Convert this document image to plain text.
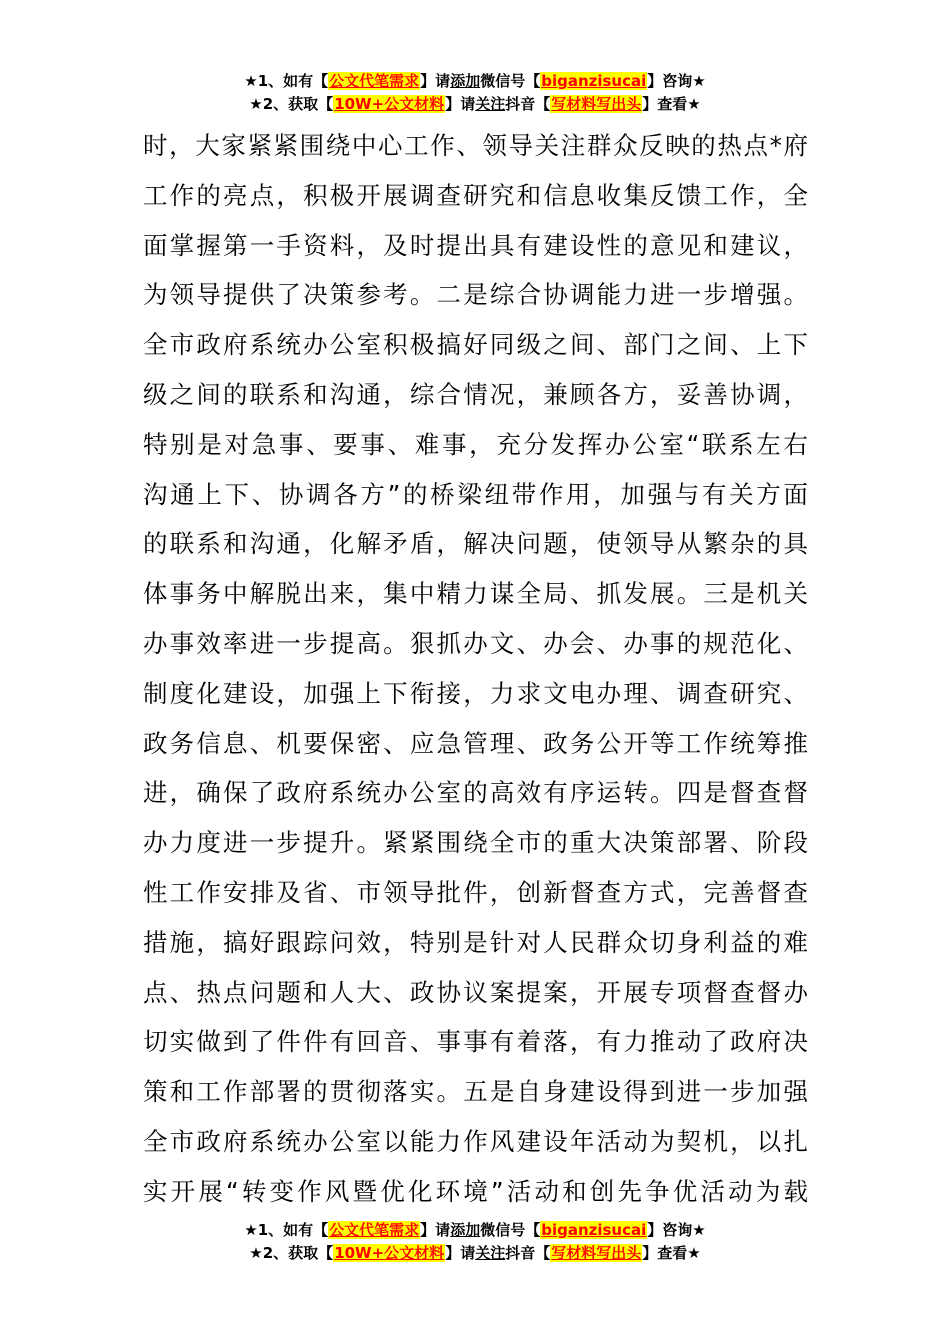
★1、如有【公文代笔需求】请添加微信号【biganzisucai】咨询★
★2、获取【10W+公文材料】请关注抖音【写材料写出头】查看★
时，大家紧紧围绕中心工作、领导关注群众反映的热点*府
工作的亮点，积极开展调查研究和信息收集反馈工作，全
面掌握第一手资料，及时提出具有建设性的意见和建议，
为领导提供了决策参考。二是综合协调能力进一步增强。
全市政府系统办公室积极搞好同级之间、部门之间、上下
级之间的联系和沟通，综合情况，兼顾各方，妥善协调，
特别是对急事、要事、难事，充分发挥办公室“联系左右
沟通上下、协调各方”的桥梁纽带作用，加强与有关方面
的联系和沟通，化解矛盾，解决问题，使领导从繁杂的具
体事务中解脱出来，集中精力谋全局、抓发展。三是机关
办事效率进一步提高。狠抓办文、办会、办事的规范化、
制度化建设，加强上下衔接，力求文电办理、调查研究、
政务信息、机要保密、应急管理、政务公开等工作统筹推
进，确保了政府系统办公室的高效有序运转。四是督查督
办力度进一步提升。紧紧围绕全市的重大决策部署、阶段
性工作安排及省、市领导批件，创新督查方式，完善督查
措施，搞好跟踪问效，特别是针对人民群众切身利益的难
点、热点问题和人大、政协议案提案，开展专项督查督办
切实做到了件件有回音、事事有着落，有力推动了政府决
策和工作部署的贯彻落实。五是自身建设得到进一步加强
全市政府系统办公室以能力作风建设年活动为契机，以扎
实开展“转变作风暨优化环境”活动和创先争优活动为载
★1、如有【公文代笔需求】请添加微信号【biganzisucai】咨询★
★2、获取【10W+公文材料】请关注抖音【写材料写出头】查看★
